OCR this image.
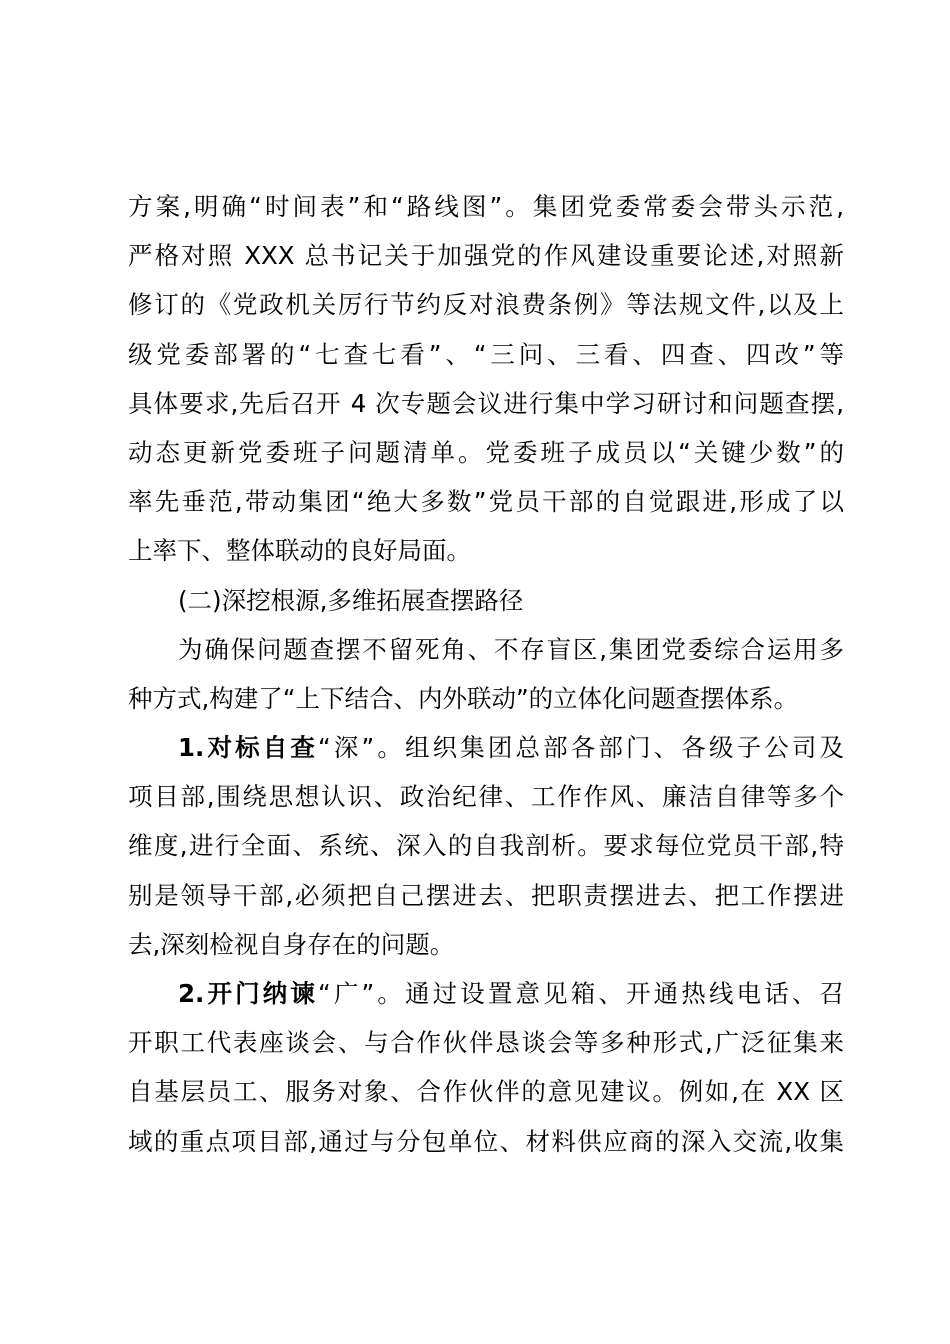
方案,明确“时间表”和“路线图”。集团党委常委会带头示范,
严格对照 XXX 总书记关于加强党的作风建设重要论述,对照新
修订的《党政机关厉行节约反对浪费条例》等法规文件,以及上
级党委部署的“七查七看”、“三问、三看、四查、四改”等
具体要求,先后召开 4 次专题会议进行集中学习研讨和问题查摆,
动态更新党委班子问题清单。党委班子成员以“关键少数”的
率先垂范,带动集团“绝大多数”党员干部的自觉跟进,形成了以
上率下、整体联动的良好局面。
(二)深挖根源,多维拓展查摆路径
为确保问题查摆不留死角、不存盲区,集团党委综合运用多
种方式,构建了“上下结合、内外联动”的立体化问题查摆体系。
1.对标自查“深”。组织集团总部各部门、各级子公司及
项目部,围绕思想认识、政治纪律、工作作风、廉洁自律等多个
维度,进行全面、系统、深入的自我剖析。要求每位党员干部,特
别是领导干部,必须把自己摆进去、把职责摆进去、把工作摆进
去,深刻检视自身存在的问题。
2.开门纳谏“广”。通过设置意见箱、开通热线电话、召
开职工代表座谈会、与合作伙伴恳谈会等多种形式,广泛征集来
自基层员工、服务对象、合作伙伴的意见建议。例如,在 XX 区
域的重点项目部,通过与分包单位、材料供应商的深入交流,收集
